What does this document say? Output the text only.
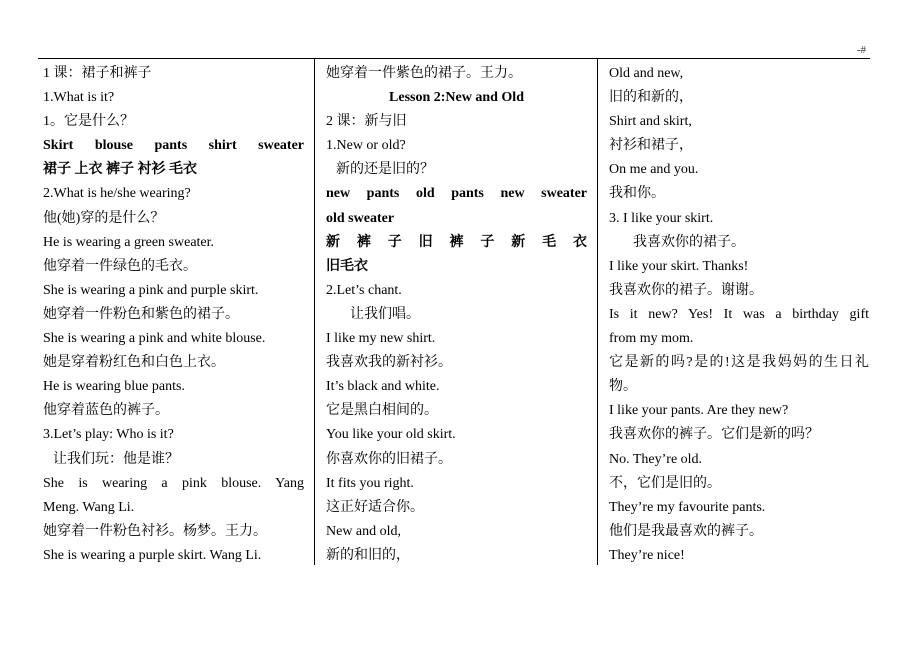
-#
1 课：裙子和裤子
1.What is it?
1。它是什么？
Skirt blouse pants shirt sweater
裙子 上衣 裤子 衬衫 毛衣
2.What is he/she wearing?
他(她)穿的是什么？
He is wearing a green sweater.
他穿着一件绿色的毛衣。
She is wearing a pink and purple skirt.
她穿着一件粉色和紫色的裙子。
She is wearing a pink and white blouse.
她是穿着粉红色和白色上衣。
He is wearing blue pants.
他穿着蓝色的裤子。
3.Let’s play: Who is it?
让我们玩：他是谁？
She is wearing a pink blouse. Yang
Meng. Wang Li.
她穿着一件粉色衬衫。杨梦。王力。
She is wearing a purple skirt. Wang Li.
她穿着一件紫色的裙子。王力。
Lesson 2:New and Old
2 课：新与旧
1.New or old?
新的还是旧的？
new pants old pants new sweater
old sweater
新 裤 子 旧 裤 子 新 毛 衣
旧毛衣
2.Let’s chant.
让我们唱。
I like my new shirt.
我喜欢我的新衬衫。
It’s black and white.
它是黑白相间的。
You like your old skirt.
你喜欢你的旧裙子。
It fits you right.
这正好适合你。
New and old,
新的和旧的，
Old and new,
旧的和新的，
Shirt and skirt,
衬衫和裙子，
On me and you.
我和你。
3. I like your skirt.
我喜欢你的裙子。
I like your skirt. Thanks!
我喜欢你的裙子。谢谢。
Is it new? Yes! It was a birthday gift
from my mom.
它是新的吗?是的!这是我妈妈的生日礼
物。
I like your pants. Are they new?
我喜欢你的裤子。它们是新的吗？
No. They’re old.
不，它们是旧的。
They’re my favourite pants.
他们是我最喜欢的裤子。
They’re nice!
